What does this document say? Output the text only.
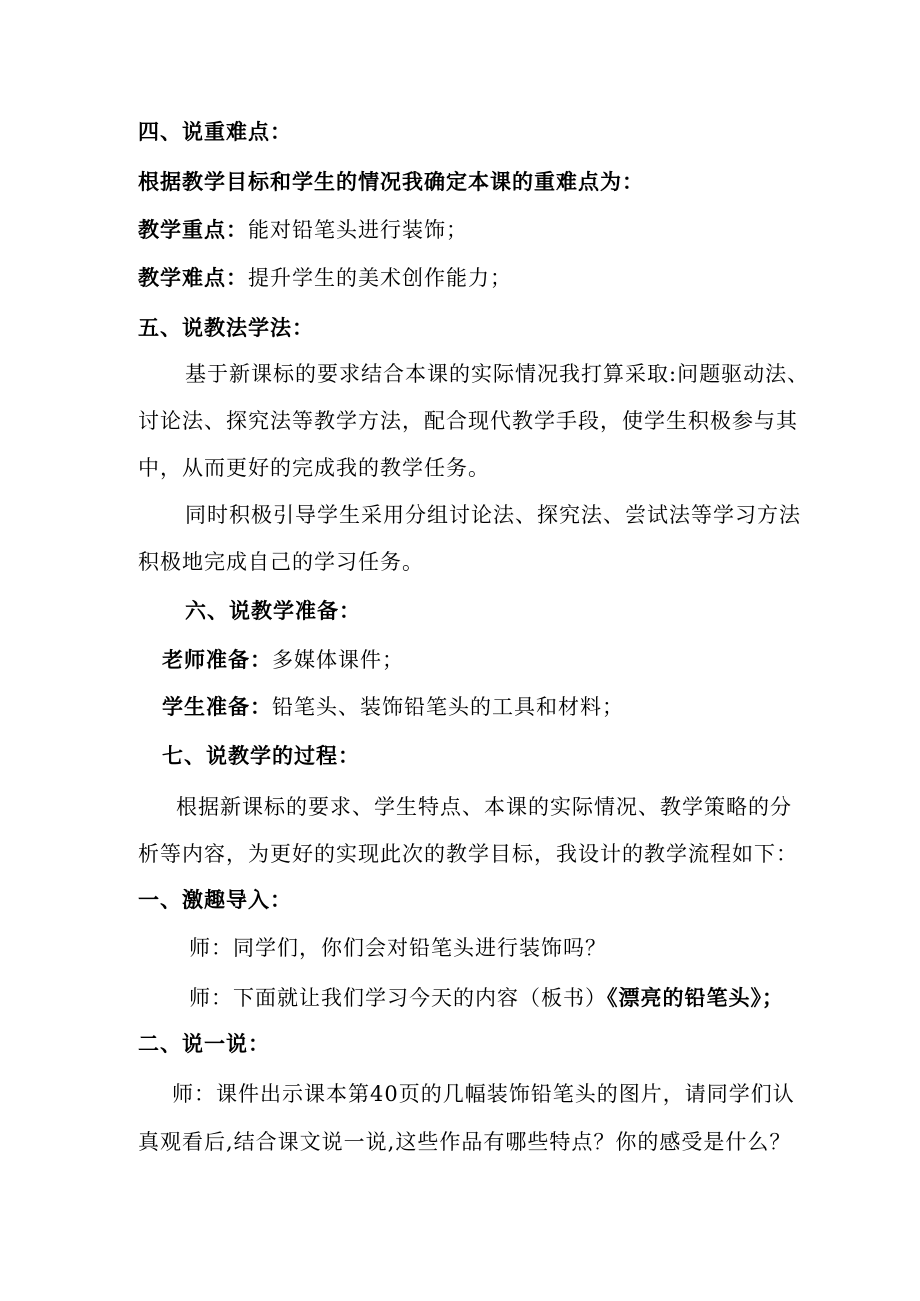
四、说重难点：
根据教学目标和学生的情况我确定本课的重难点为：
教学重点：能对铅笔头进行装饰；
教学难点：提升学生的美术创作能力；
五、说教法学法：
基于新课标的要求结合本课的实际情况我打算采取:问题驱动法、
讨论法、探究法等教学方法，配合现代教学手段，使学生积极参与其
中，从而更好的完成我的教学任务。
同时积极引导学生采用分组讨论法、探究法、尝试法等学习方法
积极地完成自己的学习任务。
六、说教学准备：
老师准备：多媒体课件；
学生准备：铅笔头、装饰铅笔头的工具和材料；
七、说教学的过程：
根据新课标的要求、学生特点、本课的实际情况、教学策略的分
析等内容，为更好的实现此次的教学目标，我设计的教学流程如下：
一、激趣导入：
师：同学们，你们会对铅笔头进行装饰吗？
师：下面就让我们学习今天的内容（板书）《漂亮的铅笔头》；
二、说一说：
师：课件出示课本第40页的几幅装饰铅笔头的图片，请同学们认
真观看后,结合课文说一说,这些作品有哪些特点？你的感受是什么？
